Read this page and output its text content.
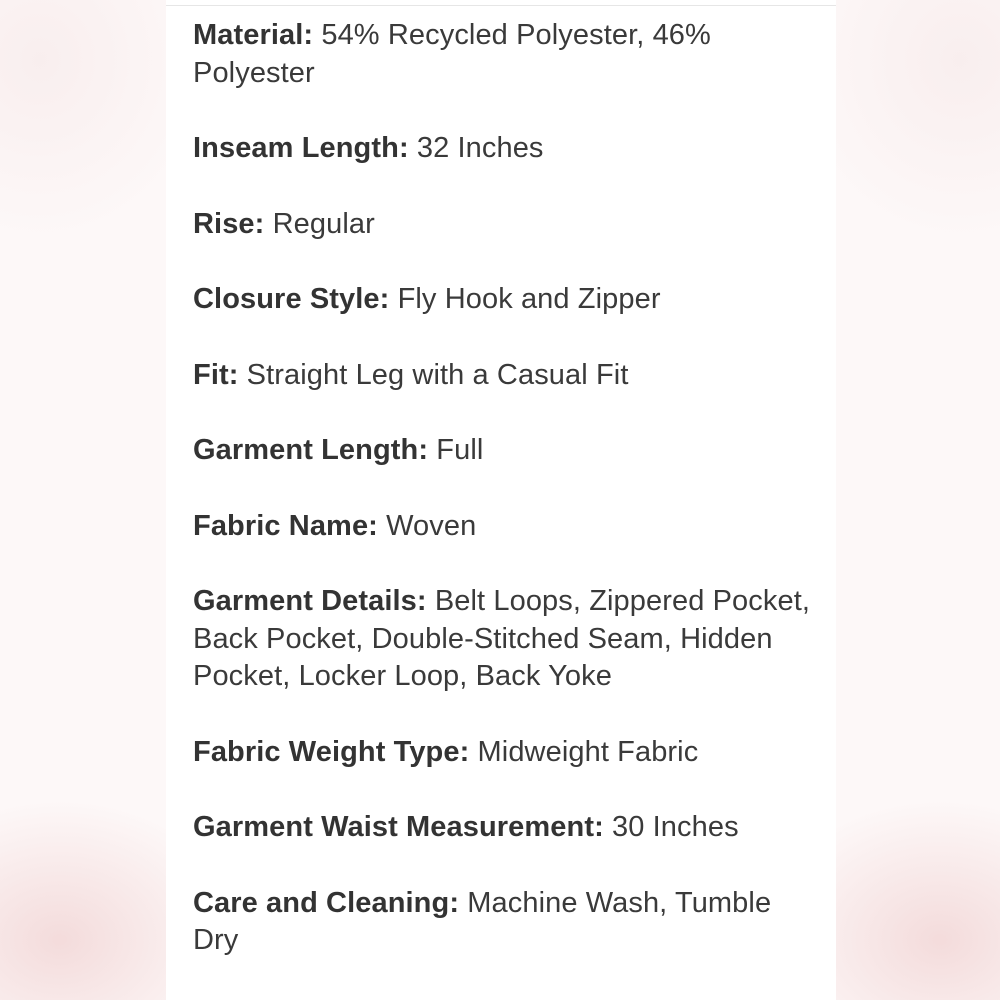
Material: 54% Recycled Polyester, 46% Polyester

Inseam Length: 32 Inches

Rise: Regular

Closure Style: Fly Hook and Zipper

Fit: Straight Leg with a Casual Fit

Garment Length: Full

Fabric Name: Woven

Garment Details: Belt Loops, Zippered Pocket, Back Pocket, Double-Stitched Seam, Hidden Pocket, Locker Loop, Back Yoke

Fabric Weight Type: Midweight Fabric

Garment Waist Measurement: 30 Inches

Care and Cleaning: Machine Wash, Tumble Dry
